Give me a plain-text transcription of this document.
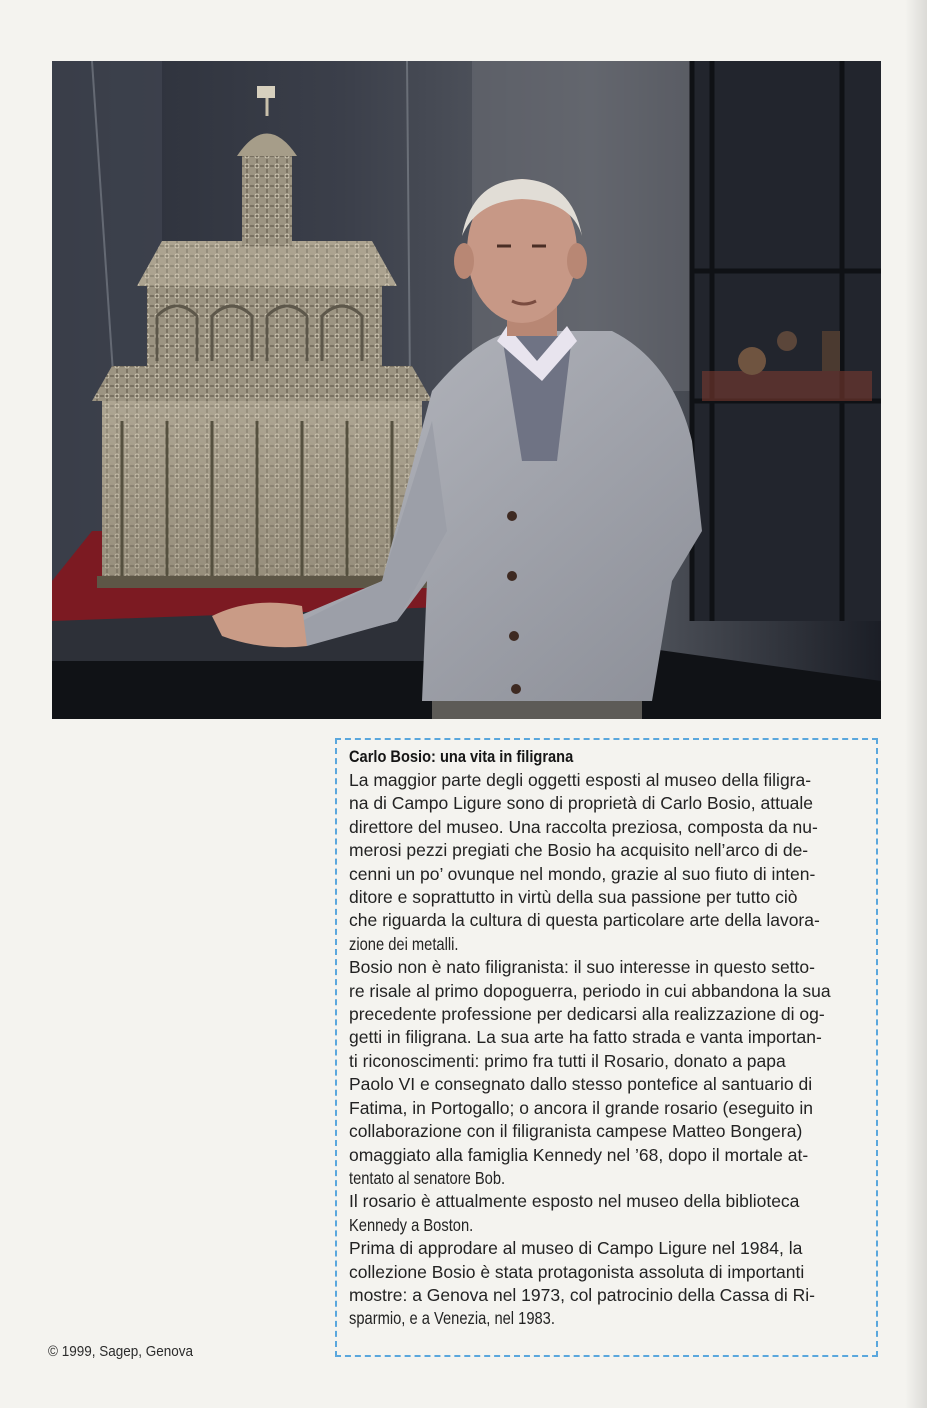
Carlo Bosio: una vita in filigrana
La maggior parte degli oggetti esposti al museo della filigra-
na di Campo Ligure sono di proprietà di Carlo Bosio, attuale
direttore del museo. Una raccolta preziosa, composta da nu-
merosi pezzi pregiati che Bosio ha acquisito nell’arco di de-
cenni un po’ ovunque nel mondo, grazie al suo fiuto di inten-
ditore e soprattutto in virtù della sua passione per tutto ciò
che riguarda la cultura di questa particolare arte della lavora-
zione dei metalli.
Bosio non è nato filigranista: il suo interesse in questo setto-
re risale al primo dopoguerra, periodo in cui abbandona la sua
precedente professione per dedicarsi alla realizzazione di og-
getti in filigrana. La sua arte ha fatto strada e vanta importan-
ti riconoscimenti: primo fra tutti il Rosario, donato a papa
Paolo VI e consegnato dallo stesso pontefice al santuario di
Fatima, in Portogallo; o ancora il grande rosario (eseguito in
collaborazione con il filigranista campese Matteo Bongera)
omaggiato alla famiglia Kennedy nel ’68, dopo il mortale at-
tentato al senatore Bob.
Il rosario è attualmente esposto nel museo della biblioteca
Kennedy a Boston.
Prima di approdare al museo di Campo Ligure nel 1984, la
collezione Bosio è stata protagonista assoluta di importanti
mostre: a Genova nel 1973, col patrocinio della Cassa di Ri-
sparmio, e a Venezia, nel 1983.
© 1999, Sagep, Genova
